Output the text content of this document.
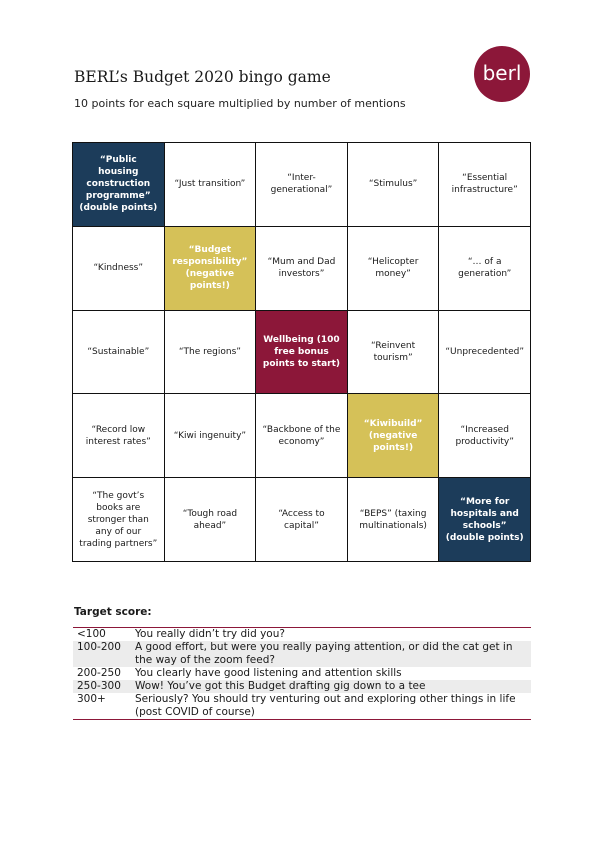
BERL’s Budget 2020 bingo game
10 points for each square multiplied by number of mentions
berl
“Public housing construction programme” (double points)
“Just transition”
“Inter-generational”
“Stimulus”
“Essential infrastructure”
“Kindness”
“Budget responsibility” (negative points!)
“Mum and Dad investors”
“Helicopter money”
“… of a generation”
“Sustainable”	“The regions”
Wellbeing (100 free bonus points to start)
“Reinvent tourism”
“Unprecedented”
“Record low interest rates”
“Kiwi ingenuity”
“Backbone of the economy”
“Kiwibuild” (negative points!)
“Increased productivity”
“The govt’s books are stronger than any of our trading partners”
“Tough road ahead”
“Access to capital”
“BEPS” (taxing multinationals)
“More for hospitals and schools” (double points)
Target score:
<100	You really didn’t try did you?
100-200	A good effort, but were you really paying attention, or did the cat get in the way of the zoom feed?
200-250	You clearly have good listening and attention skills
250-300	Wow! You’ve got this Budget drafting gig down to a tee
300+	Seriously? You should try venturing out and exploring other things in life (post COVID of course)
